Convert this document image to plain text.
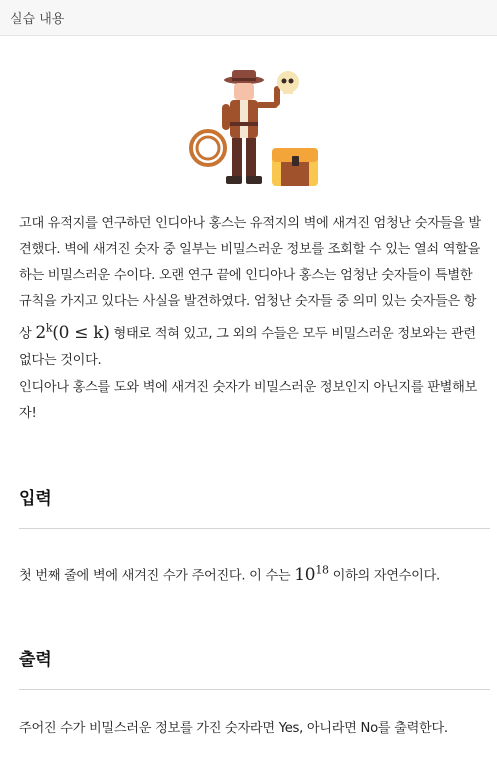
실습 내용

고대 유적지를 연구하던 인디아나 홍스는 유적지의 벽에 새겨진 엄청난 숫자들을 발견했다. 벽에 새겨진 숫자 중 일부는 비밀스러운 정보를 조회할 수 있는 열쇠 역할을 하는 비밀스러운 수이다. 오랜 연구 끝에 인디아나 홍스는 엄청난 숫자들이 특별한 규칙을 가지고 있다는 사실을 발견하였다. 엄청난 숫자들 중 의미 있는 숫자들은 항상 $2^k(0 \le k)$ 형태로 적혀 있고, 그 외의 수들은 모두 비밀스러운 정보와는 관련 없다는 것이다.

인디아나 홍스를 도와 벽에 새겨진 숫자가 비밀스러운 정보인지 아닌지를 판별해보자!

입력

첫 번째 줄에 벽에 새겨진 수가 주어진다. 이 수는 $10^{18}$ 이하의 자연수이다.

출력

주어진 수가 비밀스러운 정보를 가진 숫자라면 Yes, 아니라면 No를 출력한다.
